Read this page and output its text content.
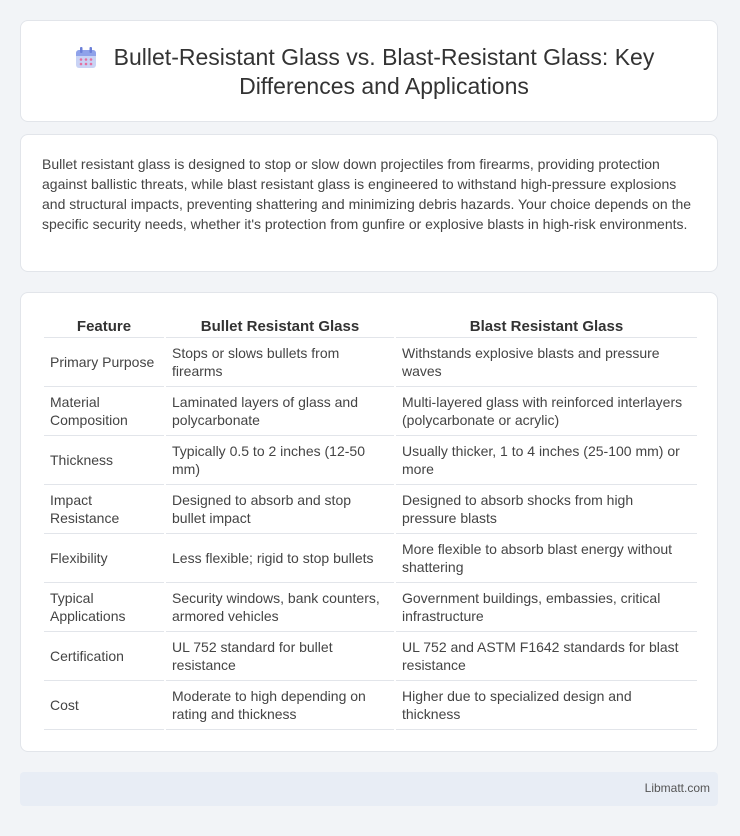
Bullet-Resistant Glass vs. Blast-Resistant Glass: Key Differences and Applications

Bullet resistant glass is designed to stop or slow down projectiles from firearms, providing protection against ballistic threats, while blast resistant glass is engineered to withstand high-pressure explosions and structural impacts, preventing shattering and minimizing debris hazards. Your choice depends on the specific security needs, whether it's protection from gunfire or explosive blasts in high-risk environments.

Feature	Bullet Resistant Glass	Blast Resistant Glass
Primary Purpose	Stops or slows bullets from firearms	Withstands explosive blasts and pressure waves
Material Composition	Laminated layers of glass and polycarbonate	Multi-layered glass with reinforced interlayers (polycarbonate or acrylic)
Thickness	Typically 0.5 to 2 inches (12-50 mm)	Usually thicker, 1 to 4 inches (25-100 mm) or more
Impact Resistance	Designed to absorb and stop bullet impact	Designed to absorb shocks from high pressure blasts
Flexibility	Less flexible; rigid to stop bullets	More flexible to absorb blast energy without shattering
Typical Applications	Security windows, bank counters, armored vehicles	Government buildings, embassies, critical infrastructure
Certification	UL 752 standard for bullet resistance	UL 752 and ASTM F1642 standards for blast resistance
Cost	Moderate to high depending on rating and thickness	Higher due to specialized design and thickness
Libmatt.com
